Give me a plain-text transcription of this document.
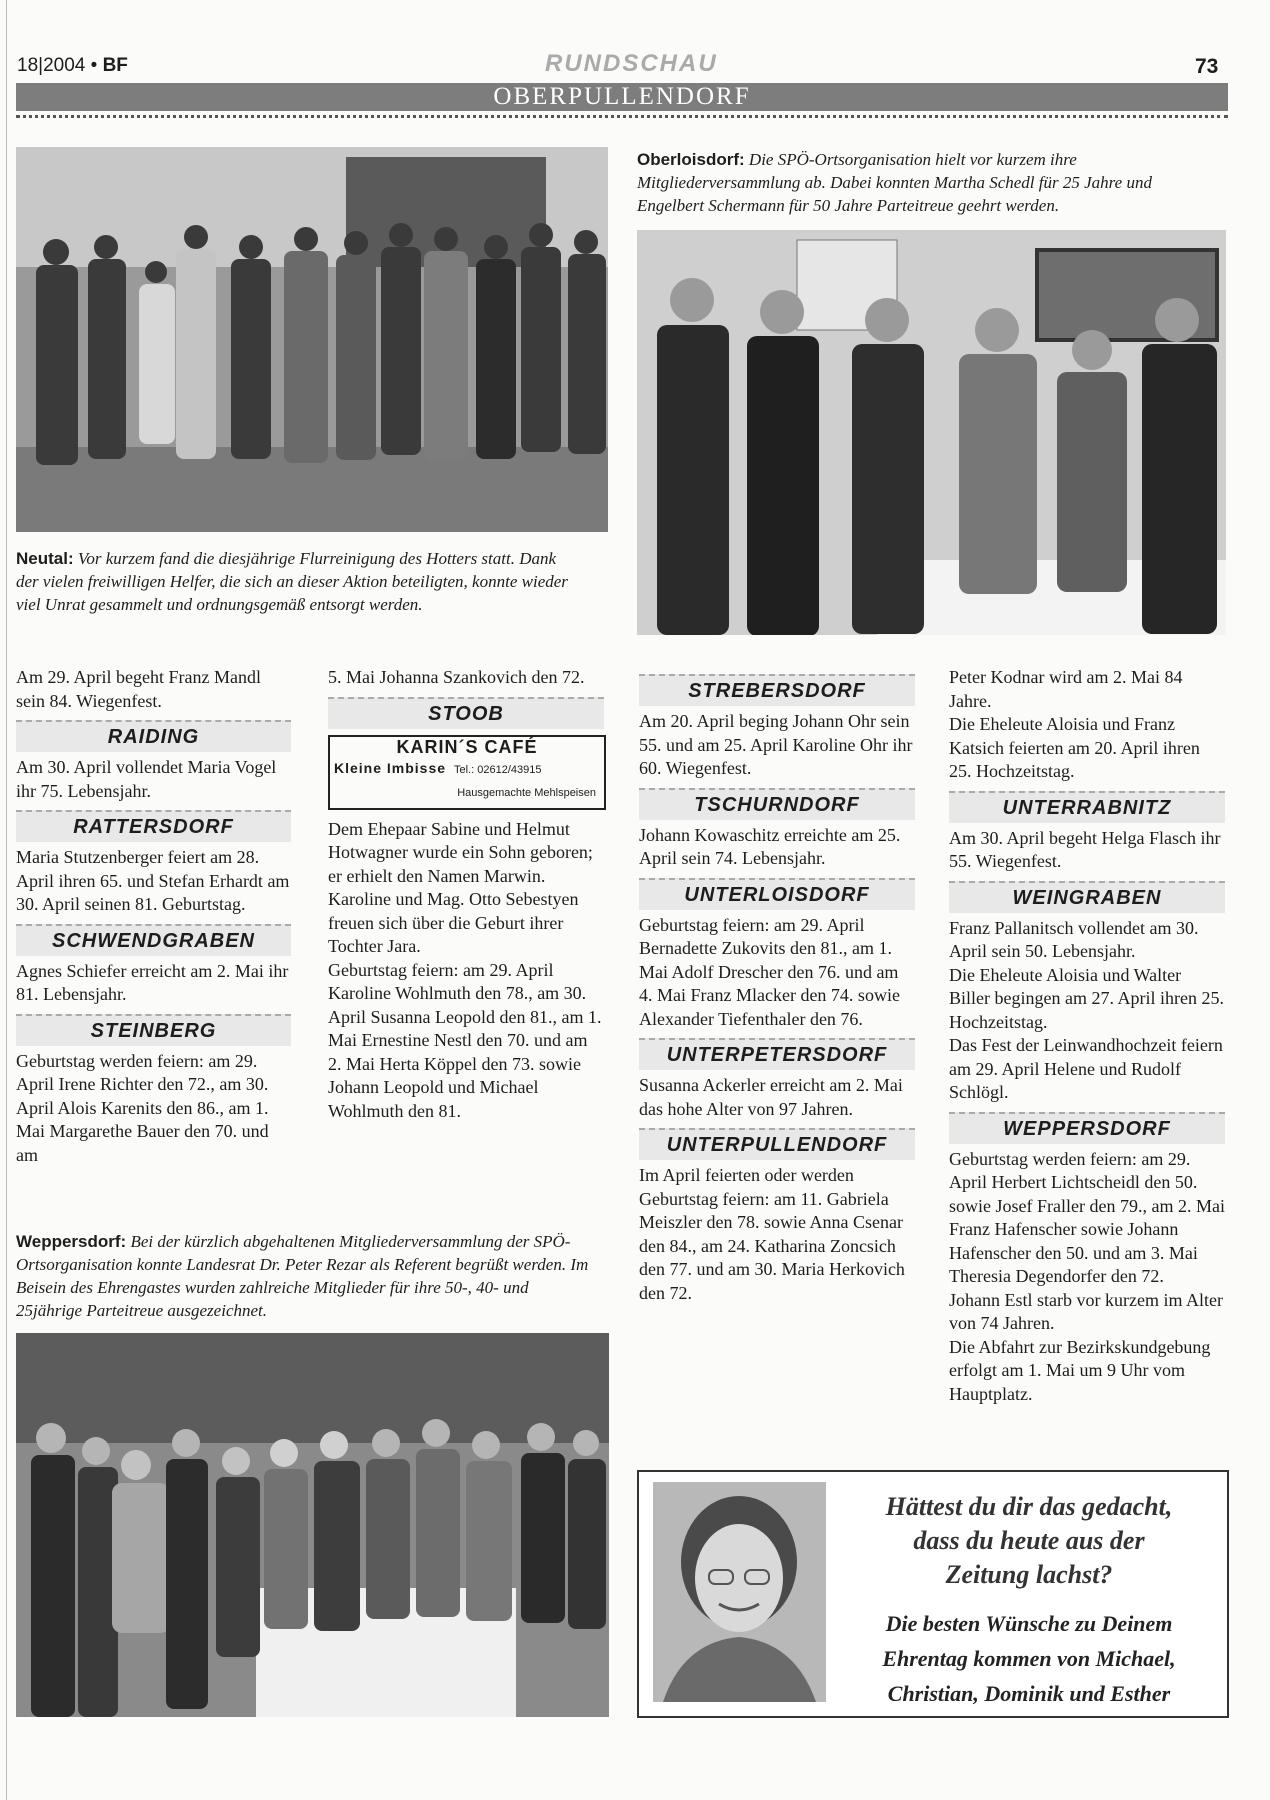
18|2004 • BF	RUNDSCHAU	73
OBERPULLENDORF
Neutal: Vor kurzem fand die diesjährige Flurreinigung des Hotters statt. Dank der vielen freiwilligen Helfer, die sich an dieser Aktion beteiligten, konnte wieder viel Unrat gesammelt und ordnungsgemäß entsorgt werden.
Oberloisdorf: Die SPÖ-Ortsorganisation hielt vor kurzem ihre Mitgliederversammlung ab. Dabei konnten Martha Schedl für 25 Jahre und Engelbert Schermann für 50 Jahre Parteitreue geehrt werden.

Am 29. April begeht Franz Mandl sein 84. Wiegenfest.

RAIDING

Am 30. April vollendet Maria Vogel ihr 75. Lebensjahr.

RATTERSDORF

Maria Stutzenberger feiert am 28. April ihren 65. und Stefan Erhardt am 30. April seinen 81. Geburtstag.

SCHWENDGRABEN

Agnes Schiefer erreicht am 2. Mai ihr 81. Lebensjahr.

STEINBERG

Geburtstag werden feiern: am 29. April Irene Richter den 72., am 30. April Alois Karenits den 86., am 1. Mai Margarethe Bauer den 70. und am

5. Mai Johanna Szankovich den 72.

STOOB
KARIN´S CAFÉ
Kleine Imbisse Tel.: 02612/43915
Hausgemachte Mehlspeisen

Dem Ehepaar Sabine und Helmut Hotwagner wurde ein Sohn geboren; er erhielt den Namen Marwin. Karoline und Mag. Otto Sebestyen freuen sich über die Geburt ihrer Tochter Jara.

Geburtstag feiern: am 29. April Karoline Wohlmuth den 78., am 30. April Susanna Leopold den 81., am 1. Mai Ernestine Nestl den 70. und am 2. Mai Herta Köppel den 73. sowie Johann Leopold und Michael Wohlmuth den 81.

STREBERSDORF

Am 20. April beging Johann Ohr sein 55. und am 25. April Karoline Ohr ihr 60. Wiegenfest.

TSCHURNDORF

Johann Kowaschitz erreichte am 25. April sein 74. Lebensjahr.

UNTERLOISDORF

Geburtstag feiern: am 29. April Bernadette Zukovits den 81., am 1. Mai Adolf Drescher den 76. und am 4. Mai Franz Mlacker den 74. sowie Alexander Tiefenthaler den 76.

UNTERPETERSDORF

Susanna Ackerler erreicht am 2. Mai das hohe Alter von 97 Jahren.

UNTERPULLENDORF

Im April feierten oder werden Geburtstag feiern: am 11. Gabriela Meiszler den 78. sowie Anna Csenar den 84., am 24. Katharina Zoncsich den 77. und am 30. Maria Herkovich den 72.

Peter Kodnar wird am 2. Mai 84 Jahre.

Die Eheleute Aloisia und Franz Katsich feierten am 20. April ihren 25. Hochzeitstag.

UNTERRABNITZ

Am 30. April begeht Helga Flasch ihr 55. Wiegenfest.

WEINGRABEN

Franz Pallanitsch vollendet am 30. April sein 50. Lebensjahr.

Die Eheleute Aloisia und Walter Biller begingen am 27. April ihren 25. Hochzeitstag.

Das Fest der Leinwandhochzeit feiern am 29. April Helene und Rudolf Schlögl.

WEPPERSDORF

Geburtstag werden feiern: am 29. April Herbert Lichtscheidl den 50. sowie Josef Fraller den 79., am 2. Mai Franz Hafenscher sowie Johann Hafenscher den 50. und am 3. Mai Theresia Degendorfer den 72.

Johann Estl starb vor kurzem im Alter von 74 Jahren.

Die Abfahrt zur Bezirkskundgebung erfolgt am 1. Mai um 9 Uhr vom Hauptplatz.

Weppersdorf: Bei der kürzlich abgehaltenen Mitgliederversammlung der SPÖ-Ortsorganisation konnte Landesrat Dr. Peter Rezar als Referent begrüßt werden. Im Beisein des Ehrengastes wurden zahlreiche Mitglieder für ihre 50-, 40- und 25jährige Parteitreue ausgezeichnet.
Hättest du dir das gedacht,
dass du heute aus der
Zeitung lachst?
Die besten Wünsche zu Deinem
Ehrentag kommen von Michael,
Christian, Dominik und Esther
